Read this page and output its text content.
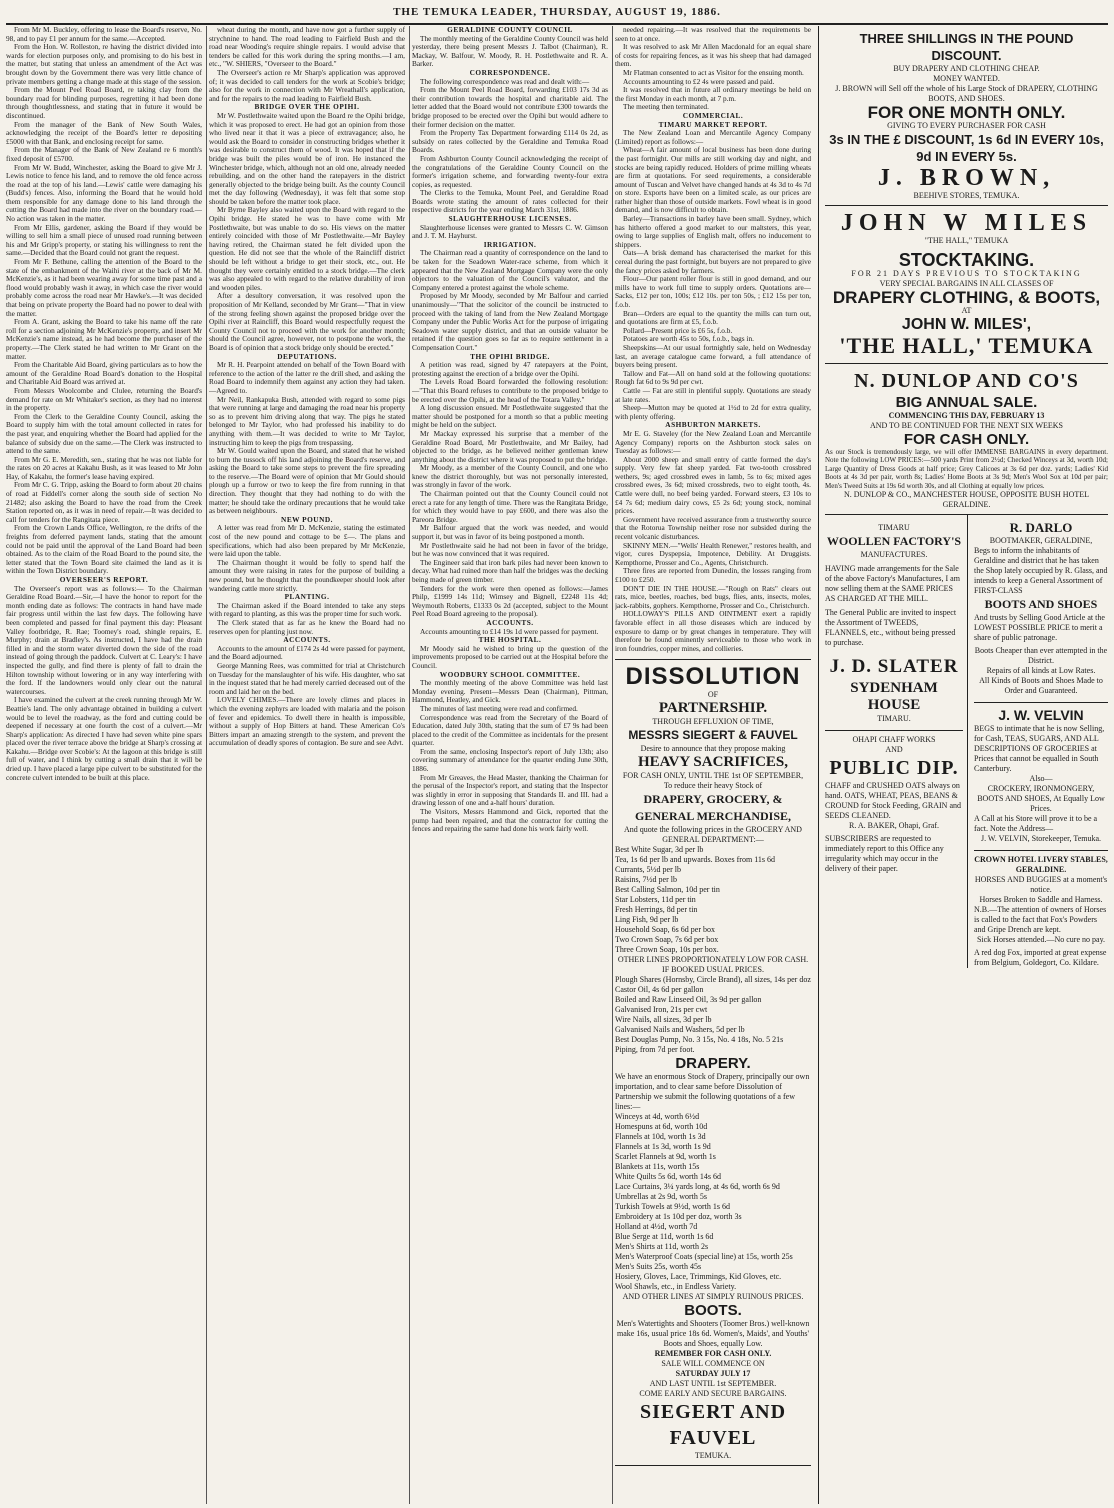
THE TEMUKA LEADER, THURSDAY, AUGUST 19, 1886.

From Mr M. Buckley, offering to lease the Board's reserve, No. 98, and to pay £1 per annum for the same.—Accepted.

From the Hon. W. Rolleston, re having the district divided into wards for election purposes only, and promising to do his best in the matter, but stating that unless an amendment of the Act was brought down by the Government there was very little chance of private members getting a change made at this stage of the session.

From the Mount Peel Road Board, re taking clay from the boundary road for blinding purposes, regretting it had been done through thoughtlessness, and stating that in future it would be discontinued.

From the manager of the Bank of New South Wales, acknowledging the receipt of the Board's letter re depositing £5000 with that Bank, and enclosing receipt for same.

From the Manager of the Bank of New Zealand re 6 month's fixed deposit of £5700.

From Mr W. Budd, Winchester, asking the Board to give Mr J. Lewis notice to fence his land, and to remove the old fence across the road at the top of his land.—Lewis' cattle were damaging his (Budd's) fences. Also, informing the Board that he would hold them responsible for any damage done to his land through the cutting the Board had made into the river on the boundary road.—No action was taken in the matter.

From Mr Ellis, gardener, asking the Board if they would be willing to sell him a small piece of unused road running between his and Mr Gripp's property, or stating his willingness to rent the same.—Decided that the Board could not grant the request.

From Mr F. Bethune, calling the attention of the Board to the state of the embankment of the Waihi river at the back of Mr M. McKenzie's, as it had been wearing away for some time past and a flood would probably wash it away, in which case the river would probably come across the road near Mr Hawke's.—It was decided that being on private property the Board had no power to deal with the matter.

From A. Grant, asking the Board to take his name off the rate roll for a section adjoining Mr McKenzie's property, and insert Mr McKenzie's name instead, as he had become the purchaser of the property.—The Clerk stated he had written to Mr Grant on the matter.

From the Charitable Aid Board, giving particulars as to how the amount of the Geraldine Road Board's donation to the Hospital and Charitable Aid Board was arrived at.

From Messrs Woolcombe and Clulee, returning the Board's demand for rate on Mr Whitaker's section, as they had no interest in the property.

From the Clerk to the Geraldine County Council, asking the Board to supply him with the total amount collected in rates for the past year, and enquiring whether the Board had applied for the balance of subsidy due on the same.—The Clerk was instructed to attend to the same.

From Mr G. E. Meredith, sen., stating that he was not liable for the rates on 20 acres at Kakahu Bush, as it was leased to Mr John Hay, of Kakahu, the former's lease having expired.

From Mr C. G. Tripp, asking the Board to form about 20 chains of road at Fiddell's corner along the south side of section No 21482; also asking the Board to have the road from the Creek Station reported on, as it was in need of repair.—It was decided to call for tenders for the Rangitata piece.

From the Crown Lands Office, Wellington, re the drifts of the freights from deferred payment lands, stating that the amount could not be paid until the approval of the Land Board had been obtained. As to the claim of the Road Board to the pound site, the letter stated that the Town Board site claimed the land as it is within the Town District boundary.

OVERSEER'S REPORT.

The Overseer's report was as follows:— To the Chairman Geraldine Road Board.—Sir,—I have the honor to report for the month ending date as follows: The contracts in hand have made fair progress until within the last few days. The following have been completed and passed for final payment this day: Pleasant Valley footbridge, R. Rae; Toomey's road, shingle repairs, E. Murphy; drain at Bradley's. As instructed, I have had the drain filled in and the storm water diverted down the side of the road instead of going through the paddock. Culvert at C. Leary's: I have inspected the gully, and find there is plenty of fall to drain the Hilton township without lowering or in any way interfering with the ford. If the landowners would only clear out the natural watercourses.

I have examined the culvert at the creek running through Mr W. Beattie's land. The only advantage obtained in building a culvert would be to level the roadway, as the ford and cutting could be deepened if necessary at one fourth the cost of a culvert.—Mr Sharp's application: As directed I have had seven white pine spars placed over the river terrace above the bridge at Sharp's crossing at Kakahu.—Bridge over Scobie's: At the lagoon at this bridge is still full of water, and I think by cutting a small drain that it will be dried up. I have placed a large pipe culvert to be substituted for the concrete culvert intended to be built at this place.

wheat during the month, and have now got a further supply of strychnine to hand. The road leading to Fairfield Bush and the road near Wooding's require shingle repairs. I would advise that tenders be called for this work during the spring months.—I am, etc., "W. SHIERS, "Overseer to the Board."

The Overseer's action re Mr Sharp's application was approved of; it was decided to call tenders for the work at Scobie's bridge; also for the work in connection with Mr Wreathall's application, and for the repairs to the road leading to Fairfield Bush.

BRIDGE OVER THE OPIHI.

Mr W. Postlethwaite waited upon the Board re the Opihi bridge, which it was proposed to erect. He had got an opinion from those who lived near it that it was a piece of extravagance; also, he would ask the Board to consider in constructing bridges whether it was desirable to construct them of wood. It was hoped that if the bridge was built the piles would be of iron. He instanced the Winchester bridge, which, although not an old one, already needed rebuilding, and on the other hand the ratepayers in the district generally objected to the bridge being built. As the county Council met the day following (Wednesday), it was felt that some stop should be taken before the matter took place.

Mr Byrne Bayley also waited upon the Board with regard to the Opihi bridge. He stated he was to have come with Mr Postlethwaite, but was unable to do so. His views on the matter entirely coincided with those of Mr Postlethwaite.—Mr Bayley having retired, the Chairman stated he felt divided upon the question. He did not see that the whole of the Raincliff district should be left without a bridge to get their stock, etc., out. He thought they were certainly entitled to a stock bridge.—The clerk was also appealed to with regard to the relative durability of iron and wooden piles.

After a desultory conversation, it was resolved upon the proposition of Mr Kelland, seconded by Mr Grant—"That in view of the strong feeling shown against the proposed bridge over the Opihi river at Raincliff, this Board would respectfully request the County Council not to proceed with the work for another month; should the Council agree, however, not to postpone the work, the Board is of opinion that a stock bridge only should be erected."

DEPUTATIONS.

Mr R. H. Pearpoint attended on behalf of the Town Board with reference to the action of the latter re the drill shed, and asking the Road Board to indemnify them against any action they had taken.—Agreed to.

Mr Neil, Rankapuka Bush, attended with regard to some pigs that were running at large and damaging the road near his property so as to prevent him driving along that way. The pigs he stated belonged to Mr Taylor, who had professed his inability to do anything with them.—It was decided to write to Mr Taylor, instructing him to keep the pigs from trespassing.

Mr W. Gould waited upon the Board, and stated that he wished to burn the tussock off his land adjoining the Board's reserve, and asking the Board to take some steps to prevent the fire spreading to the reserve.—The Board were of opinion that Mr Gould should plough up a furrow or two to keep the fire from running in that direction. They thought that they had nothing to do with the matter; he should take the ordinary precautions that he would take as between neighbours.

NEW POUND.

A letter was read from Mr D. McKenzie, stating the estimated cost of the new pound and cottage to be £—. The plans and specifications, which had also been prepared by Mr McKenzie, were laid upon the table.

The Chairman thought it would be folly to spend half the amount they were raising in rates for the purpose of building a new pound, but he thought that the poundkeeper should look after wandering cattle more strictly.

PLANTING.

The Chairman asked if the Board intended to take any steps with regard to planting, as this was the proper time for such work.

The Clerk stated that as far as he knew the Board had no reserves open for planting just now.

ACCOUNTS.

Accounts to the amount of £174 2s 4d were passed for payment, and the Board adjourned.

George Manning Rees, was committed for trial at Christchurch on Tuesday for the manslaughter of his wife. His daughter, who sat in the inquest stated that he had merely carried deceased out of the room and laid her on the bed.

LOVELY CHIMES.—There are lovely climes and places in which the evening zephyrs are loaded with malaria and the poison of fever and epidemics. To dwell there in health is impossible, without a supply of Hop Bitters at hand. These American Co's Bitters impart an amazing strength to the system, and prevent the accumulation of deadly spores of contagion. Be sure and see Advt.

GERALDINE COUNTY COUNCIL

The monthly meeting of the Geraldine County Council was held yesterday, there being present Messrs J. Talbot (Chairman), R. Mackay, W. Balfour, W. Moody, R. H. Postlethwaite and R. A. Barker.

CORRESPONDENCE.

The following correspondence was read and dealt with:—

From the Mount Peel Road Board, forwarding £103 17s 3d as their contribution towards the hospital and charitable aid. The letter added that the Board would not contribute £300 towards the bridge proposed to be erected over the Opihi but would adhere to their former decision on the matter.

From the Property Tax Department forwarding £114 0s 2d, as subsidy on rates collected by the Geraldine and Temuka Road Boards.

From Ashburton County Council acknowledging the receipt of the congratulations of the Geraldine County Council on the former's irrigation scheme, and forwarding twenty-four extra copies, as requested.

The Clerks to the Temuka, Mount Peel, and Geraldine Road Boards wrote stating the amount of rates collected for their respective districts for the year ending March 31st, 1886.

SLAUGHTERHOUSE LICENSES.

Slaughterhouse licenses were granted to Messrs C. W. Gimson and J. T. M. Hayhurst.

IRRIGATION.

The Chairman read a quantity of correspondence on the land to be taken for the Seadown Water-race scheme, from which it appeared that the New Zealand Mortgage Company were the only objectors to the valuation of the Council's valuator, and the Company entered a protest against the whole scheme.

Proposed by Mr Moody, seconded by Mr Balfour and carried unanimously—"That the solicitor of the council be instructed to proceed with the taking of land from the New Zealand Mortgage Company under the Public Works Act for the purpose of irrigating Seadown water supply district, and that an outside valuator be retained if the question goes so far as to require settlement in a Compensation Court."

THE OPIHI BRIDGE.

A petition was read, signed by 47 ratepayers at the Point, protesting against the erection of a bridge over the Opihi.

The Levels Road Board forwarded the following resolution:—"That this Board refuses to contribute to the proposed bridge to be erected over the Opihi, at the head of the Totara Valley."

A long discussion ensued. Mr Postlethwaite suggested that the matter should be postponed for a month so that a public meeting might be held on the subject.

Mr Mackay expressed his surprise that a member of the Geraldine Road Board, Mr Postlethwaite, and Mr Bailey, had objected to the bridge, as he believed neither gentleman knew anything about the district where it was proposed to put the bridge.

Mr Moody, as a member of the County Council, and one who knew the district thoroughly, but was not personally interested, was strongly in favor of the work.

The Chairman pointed out that the County Council could not erect a rate for any length of time. There was the Rangitata Bridge, for which they would have to pay £600, and there was also the Pareora Bridge.

Mr Balfour argued that the work was needed, and would support it, but was in favor of its being postponed a month.

Mr Postlethwaite said he had not been in favor of the bridge, but he was now convinced that it was required.

The Engineer said that iron bark piles had never been known to decay. What had ruined more than half the bridges was the decking being made of green timber.

Tenders for the work were then opened as follows:—James Philp, £1999 14s 11d; Wimsey and Bignell, £2248 11s 4d; Weymouth Roberts, £1333 0s 2d (accepted, subject to the Mount Peel Road Board agreeing to the proposal).

ACCOUNTS.

Accounts amounting to £14 19s 1d were passed for payment.

THE HOSPITAL.

Mr Moody said he wished to bring up the question of the improvements proposed to be carried out at the Hospital before the Council.

WOODBURY SCHOOL COMMITTEE.

The monthly meeting of the above Committee was held last Monday evening. Present—Messrs Dean (Chairman), Pittman, Hammond, Heatley, and Gick.

The minutes of last meeting were read and confirmed.

Correspondence was read from the Secretary of the Board of Education, dated July 30th, stating that the sum of £7 9s had been placed to the credit of the Committee as incidentals for the present quarter.

From the same, enclosing Inspector's report of July 13th; also covering summary of attendance for the quarter ending June 30th, 1886.

From Mr Greaves, the Head Master, thanking the Chairman for the perusal of the Inspector's report, and stating that the Inspector was slightly in error in supposing that Standards II. and III. had a drawing lesson of one and a-half hours' duration.

The Visitors, Messrs Hammond and Gick, reported that the pump had been repaired, and that the contractor for cutting the fences and repairing the same had done his work fairly well.

needed repairing.—It was resolved that the requirements be seen to at once.

It was resolved to ask Mr Allen Macdonald for an equal share of costs for repairing fences, as it was his sheep that had damaged them.

Mr Flatman consented to act as Visitor for the ensuing month.

Accounts amounting to £2 4s were passed and paid.

It was resolved that in future all ordinary meetings be held on the first Monday in each month, at 7 p.m.

The meeting then terminated.

COMMERCIAL.

TIMARU MARKET REPORT.

The New Zealand Loan and Mercantile Agency Company (Limited) report as follows:—

Wheat—A fair amount of local business has been done during the past fortnight. Our mills are still working day and night, and stocks are being rapidly reduced. Holders of prime milling wheats are firm at quotations. For seed requirements, a considerable amount of Tuscan and Velvet have changed hands at 4s 3d to 4s 7d on store. Exports have been on a limited scale, as our prices are rather higher than those of outside markets. Fowl wheat is in good demand, and is now difficult to obtain.

Barley—Transactions in barley have been small. Sydney, which has hitherto offered a good market to our maltsters, this year, owing to large supplies of English malt, offers no inducement to shippers.

Oats—A brisk demand has characterised the market for this cereal during the past fortnight, but buyers are not prepared to give the fancy prices asked by farmers.

Flour—Our patent roller flour is still in good demand, and our mills have to work full time to supply orders. Quotations are—Sacks, £12 per ton, 100s; £12 10s. per ton 50s, ; £12 15s per ton, f.o.b.

Bran—Orders are equal to the quantity the mills can turn out, and quotations are firm at £5, f.o.b.

Pollard—Present price is £6 5s, f.o.b.

Potatoes are worth 45s to 50s, f.o.b., bags in.

Sheepskins—At our usual fortnightly sale, held on Wednesday last, an average catalogue came forward, a full attendance of buyers being present.

Tallow and Fat—All on hand sold at the following quotations: Rough fat 6d to 9s 9d per cwt.

Cattle — Fat are still in plentiful supply. Quotations are steady at late rates.

Sheep—Mutton may be quoted at 1½d to 2d for extra quality, with plenty offering.

ASHBURTON MARKETS.

Mr E. G. Staveley (for the New Zealand Loan and Mercantile Agency Company) reports on the Ashburton stock sales on Tuesday as follows:—

About 2000 sheep and small entry of cattle formed the day's supply. Very few fat sheep yarded. Fat two-tooth crossbred wethers, 9s; aged crossbred ewes in lamb, 5s to 6s; mixed ages crossbred ewes, 3s 6d; mixed crossbreds, two to eight tooth, 4s. Cattle were dull, no beef being yarded. Forward steers, £3 10s to £4 7s 6d; medium dairy cows, £5 2s 6d; young stock, nominal prices.

Government have received assurance from a trustworthy source that the Rotorua Township neither rose nor subsided during the recent volcanic disturbances.

SKINNY MEN.—"Wells' Health Renewer," restores health, and vigor, cures Dyspepsia, Impotence, Debility. At Druggists. Kempthorne, Prosser and Co., Agents, Christchurch.

Three fires are reported from Dunedin, the losses ranging from £100 to £250.

DON'T DIE IN THE HOUSE.—"Rough on Rats" clears out rats, mice, beetles, roaches, bed bugs, flies, ants, insects, moles, jack-rabbits, gophers. Kempthorne, Prosser and Co., Christchurch.

HOLLOWAY'S PILLS AND OINTMENT exert a rapidly favorable effect in all those diseases which are induced by exposure to damp or by great changes in temperature. They will therefore be found eminently serviceable to those who work in iron foundries, copper mines, and collieries.

DISSOLUTION
OF
PARTNERSHIP.
THROUGH EFFLUXION OF TIME,
MESSRS SIEGERT & FAUVEL
Desire to announce that they propose making
HEAVY SACRIFICES,
FOR CASH ONLY, UNTIL THE 1st OF SEPTEMBER,
To reduce their heavy Stock of
DRAPERY, GROCERY, & GENERAL MERCHANDISE,
And quote the following prices in the GROCERY AND GENERAL DEPARTMENT:—
Best White Sugar, 3d per lb
Tea, 1s 6d per lb and upwards. Boxes from 11s 6d
Currants, 5½d per lb
Raisins, 7½d per lb
Best Calling Salmon, 10d per tin
Star Lobsters, 11d per tin
Fresh Herrings, 8d per tin
Ling Fish, 9d per lb
Household Soap, 6s 6d per box
Two Crown Soap, 7s 6d per box
Three Crown Soap, 10s per box.
OTHER LINES PROPORTIONATELY LOW FOR CASH.
IF BOOKED USUAL PRICES.
Plough Shares (Hornsby, Circle Brand), all sizes, 14s per doz
Castor Oil, 4s 6d per gallon
Boiled and Raw Linseed Oil, 3s 9d per gallon
Galvanised Iron, 21s per cwt
Wire Nails, all sizes, 3d per lb
Galvanised Nails and Washers, 5d per lb
Best Douglas Pump, No. 3 15s, No. 4 18s, No. 5 21s
Piping, from 7d per foot.
DRAPERY.
We have an enormous Stock of Drapery, principally our own importation, and to clear same before Dissolution of Partnership we submit the following quotations of a few lines:—
Winceys at 4d, worth 6½d
Homespuns at 6d, worth 10d
Flannels at 10d, worth 1s 3d
Flannels at 1s 3d, worth 1s 9d
Scarlet Flannels at 9d, worth 1s
Blankets at 11s, worth 15s
White Quilts 5s 6d, worth 14s 6d
Lace Curtains, 3¼ yards long, at 4s 6d, worth 6s 9d
Umbrellas at 2s 9d, worth 5s
Turkish Towels at 9½d, worth 1s 6d
Embroidery at 1s 10d per doz, worth 3s
Holland at 4½d, worth 7d
Blue Serge at 11d, worth 1s 6d
Men's Shirts at 11d, worth 2s
Men's Waterproof Coats (special line) at 15s, worth 25s
Men's Suits 25s, worth 45s
Hosiery, Gloves, Lace, Trimmings, Kid Gloves, etc.
Wool Shawls, etc., in Endless Variety.
AND OTHER LINES AT SIMPLY RUINOUS PRICES.
BOOTS.
Men's Watertights and Shooters (Toomer Bros.) well-known make 16s, usual price 18s 6d. Women's, Maids', and Youths' Boots and Shoes, equally Low.
REMEMBER FOR CASH ONLY.
SALE WILL COMMENCE ON
SATURDAY JULY 17
AND LAST UNTIL 1st SEPTEMBER.
COME EARLY AND SECURE BARGAINS.
SIEGERT AND FAUVEL
TEMUKA.
THREE SHILLINGS IN THE POUND DISCOUNT.
BUY DRAPERY AND CLOTHING CHEAP.
MONEY WANTED.
J. BROWN will Sell off the whole of his Large Stock of DRAPERY, CLOTHING BOOTS, AND SHOES.
FOR ONE MONTH ONLY.
GIVING TO EVERY PURCHASER FOR CASH
3s IN THE £ DISCOUNT, 1s 6d IN EVERY 10s, 9d IN EVERY 5s.
J. BROWN,
BEEHIVE STORES, TEMUKA.
JOHN W MILES
"THE HALL," TEMUKA
STOCKTAKING.
FOR 21 DAYS PREVIOUS TO STOCKTAKING
VERY SPECIAL BARGAINS IN ALL CLASSES OF
DRAPERY CLOTHING, & BOOTS,
AT
JOHN W. MILES',
'THE HALL,' TEMUKA
N. DUNLOP AND CO'S
BIG ANNUAL SALE.
COMMENCING THIS DAY, FEBRUARY 13
AND TO BE CONTINUED FOR THE NEXT SIX WEEKS
FOR CASH ONLY.
As our Stock is tremendously large, we will offer IMMENSE BARGAINS in every department. Note the following LOW PRICES:—500 yards Print from 2½d; Checked Winceys at 3d, worth 10d; Large Quantity of Dress Goods at half price; Grey Calicoes at 3s 6d per doz. yards; Ladies' Kid Boots at 4s 3d per pair, worth 8s; Ladies' Home Boots at 3s 9d; Men's Wool Sox at 10d per pair; Men's Tweed Suits at 19s 6d worth 30s, and all Clothing at equally low prices.
N. DUNLOP & CO., MANCHESTER HOUSE, OPPOSITE BUSH HOTEL GERALDINE.
TIMARU
WOOLLEN FACTORY'S
MANUFACTURES.
HAVING made arrangements for the Sale of the above Factory's Manufactures, I am now selling them at the SAME PRICES AS CHARGED AT THE MILL.
The General Public are invited to inspect the Assortment of TWEEDS, FLANNELS, etc., without being pressed to purchase.
J. D. SLATER
SYDENHAM HOUSE
TIMARU.
OHAPI CHAFF WORKS
AND
PUBLIC DIP.
CHAFF and CRUSHED OATS always on hand. OATS, WHEAT, PEAS, BEANS & CROUND for Stock Feeding, GRAIN and SEEDS CLEANED.
R. A. BAKER, Ohapi, Graf.
SUBSCRIBERS are requested to immediately report to this Office any irregularity which may occur in the delivery of their paper.
R. DARLO
BOOTMAKER, GERALDINE,
Begs to inform the inhabitants of Geraldine and district that he has taken the Shop lately occupied by R. Glass, and intends to keep a General Assortment of FIRST-CLASS
BOOTS AND SHOES
And trusts by Selling Good Article at the LOWEST POSSIBLE PRICE to merit a share of public patronage.
Boots Cheaper than ever attempted in the District.
Repairs of all kinds at Low Rates.
All Kinds of Boots and Shoes Made to Order and Guaranteed.
J. W. VELVIN
BEGS to intimate that he is now Selling, for Cash, TEAS, SUGARS, AND ALL DESCRIPTIONS OF GROCERIES at Prices that cannot be equalled in South Canterbury.
Also—
CROCKERY, IRONMONGERY, BOOTS AND SHOES, At Equally Low Prices.
A Call at his Store will prove it to be a fact. Note the Address—
J. W. VELVIN, Storekeeper, Temuka.
CROWN HOTEL LIVERY STABLES, GERALDINE.
HORSES AND BUGGIES at a moment's notice.
Horses Broken to Saddle and Harness.
N.B.—The attention of owners of Horses is called to the fact that Fox's Powders and Gripe Drench are kept.
Sick Horses attended.—No cure no pay.
A red dog Fox, imported at great expense from Belgium, Goldegort, Co. Kildare.
